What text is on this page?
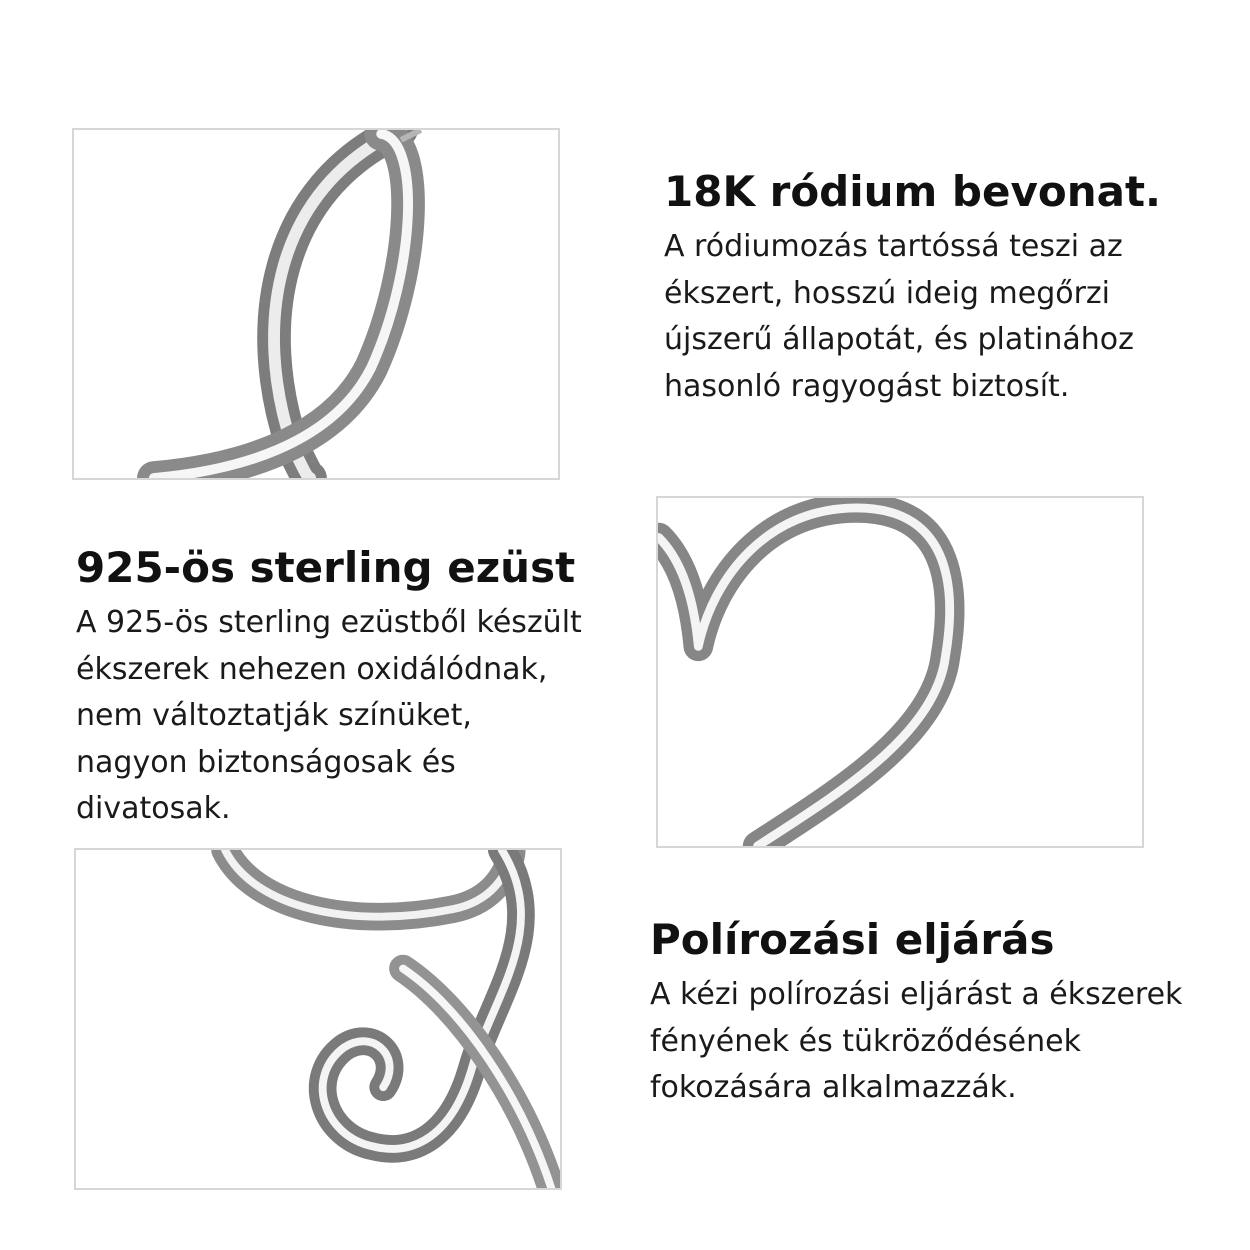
18K ródium bevonat.

A ródiumozás tartóssá teszi az
ékszert, hosszú ideig megőrzi
újszerű állapotát, és platinához
hasonló ragyogást biztosít.

925-ös sterling ezüst

A 925-ös sterling ezüstből készült
ékszerek nehezen oxidálódnak,
nem változtatják színüket,
nagyon biztonságosak és
divatosak.

Polírozási eljárás

A kézi polírozási eljárást a ékszerek
fényének és tükröződésének
fokozására alkalmazzák.
